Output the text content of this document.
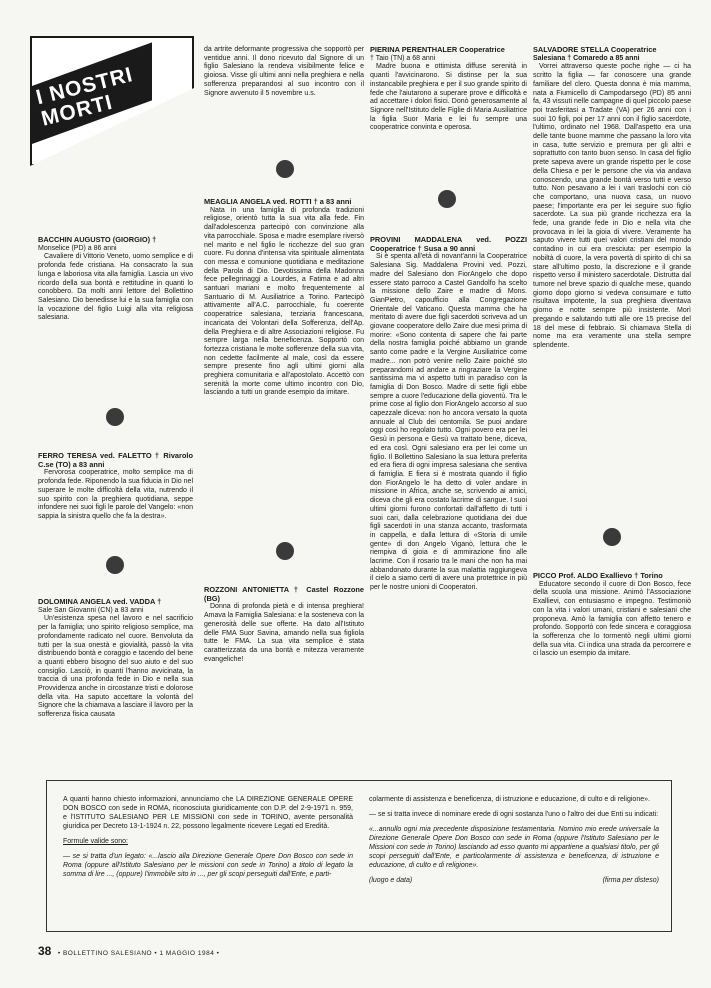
I NOSTRI MORTI

BACCHIN AUGUSTO (GIORGIO) †

Monselice (PD) a 86 anni

Cavaliere di Vittorio Veneto, uomo semplice e di profonda fede cristiana. Ha consacrato la sua lunga e laboriosa vita alla famiglia. Lascia un vivo ricordo della sua bontà e rettitudine in quanti lo conobbero. Da molti anni lettore del Bollettino Salesiano. Dio benedisse lui e la sua famiglia con la vocazione del figlio Luigi alla vita religiosa salesiana.

FERRO TERESA ved. FALETTO † Rivarolo C.se (TO) a 83 anni

Fervorosa cooperatrice, molto semplice ma di profonda fede. Riponendo la sua fiducia in Dio nel superare le molte difficoltà della vita, nutrendo il suo spirito con la preghiera quotidiana, seppe infondere nei suoi figli le parole del Vangelo: «non sappia la sinistra quello che fa la destra».

DOLOMINA ANGELA ved. VADDA †

Sale San Giovanni (CN) a 83 anni

Un'esistenza spesa nel lavoro e nel sacrificio per la famiglia; uno spirito religioso semplice, ma profondamente radicato nel cuore. Benvoluta da tutti per la sua onestà e giovialità, passò la vita distribuendo bontà e coraggio e tacendo del bene a quanti ebbero bisogno del suo aiuto e del suo consiglio. Lasciò, in quanti l'hanno avvicinata, la traccia di una profonda fede in Dio e nella sua Provvidenza anche in circostanze tristi e dolorose della vita. Ha saputo accettare la volontà del Signore che la chiamava a lasciare il lavoro per la sofferenza fisica causata

da artrite deformante progressiva che sopportò per ventidue anni. Il dono ricevuto dal Signore di un figlio Salesiano la rendeva visibilmente felice e gioiosa. Visse gli ultimi anni nella preghiera e nella sofferenza preparandosi al suo incontro con il Signore avvenuto il 5 novembre u.s.

MEAGLIA ANGELA ved. ROTTI † a 83 anni

Nata in una famiglia di profonda tradizioni religiose, orientò tutta la sua vita alla fede. Fin dall'adolescenza partecipò con convinzione alla vita parrocchiale. Sposa e madre esemplare riversò nel marito e nel figlio le ricchezze del suo gran cuore. Fu donna d'intensa vita spirituale alimentata con messa e comunione quotidiana e meditazione della Parola di Dio. Devotissima della Madonna fece pellegrinaggi a Lourdes, a Fatima e ad altri santuari mariani e molto frequentemente al Santuario di M. Ausiliatrice a Torino. Partecipò attivamente all'A.C. parrocchiale, fu coerente cooperatrice salesiana, terziaria francescana, incaricata dei Volontari della Sofferenza, dell'Ap. della Preghiera e di altre Associazioni religiose. Fu sempre larga nella beneficenza. Sopportò con fortezza cristiana le molte sofferenze della sua vita, non cedette facilmente al male, così da essere sempre presente fino agli ultimi giorni alla preghiera comunitaria e all'apostolato. Accettò con serenità la morte come ultimo incontro con Dio, lasciando a tutti un grande esempio da imitare.

ROZZONI ANTONIETTA † Castel Rozzone (BG)

Donna di profonda pietà e di intensa preghiera! Amava la Famiglia Salesiana: e la sosteneva con la generosità delle sue offerte. Ha dato all'Istituto delle FMA Suor Savina, amando nella sua figliola tutte le FMA. La sua vita semplice è stata caratterizzata da una bontà e mitezza veramente evangeliche!

PIERINA PERENTHALER Cooperatrice

† Taio (TN) a 68 anni

Madre buona e ottimista diffuse serenità in quanti l'avvicinarono. Si distinse per la sua instancabile preghiera e per il suo grande spirito di fede che l'aiutarono a superare prove e difficoltà e ad accettare i dolori fisici. Donò generosamente al Signore nell'Istituto delle Figlie di Maria Ausiliatrice la figlia Suor Maria e lei fu sempre una cooperatrice convinta e operosa.

PROVINI MADDALENA ved. POZZI Cooperatrice † Susa a 90 anni

Si è spenta all'età di novant'anni la Cooperatrice Salesiana Sig. Maddalena Provini ved. Pozzi, madre del Salesiano don FiorAngelo che dopo essere stato parroco a Castel Gandolfo ha scelto la missione dello Zaire e madre di Mons. GianPietro, capoufficio alla Congregazione Orientale del Vaticano. Questa mamma che ha meritato di avere due figli sacerdoti scriveva ad un giovane cooperatore dello Zaire due mesi prima di morire: «Sono contenta di sapere che fai parte della nostra famiglia poiché abbiamo un grande santo come padre e la Vergine Ausiliatrice come madre... non potrò venire nello Zaire poiché sto preparandomi ad andare a ringraziare la Vergine santissima ma vi aspetto tutti in paradiso con la famiglia di Don Bosco. Madre di sette figli ebbe sempre a cuore l'educazione della gioventù. Tra le prime cose al figlio don FiorAngelo accorso al suo capezzale diceva: non ho ancora versato la quota annuale al Club dei centomila. Se puoi andare oggi così ho regolato tutto. Ogni povero era per lei Gesù in persona e Gesù va trattato bene, diceva, ed era così. Ogni salesiano era per lei come un figlio. Il Bollettino Salesiano la sua lettura preferita ed era fiera di ogni impresa salesiana che sentiva di famiglia. E fiera si è mostrata quando il figlio don FiorAngelo le ha detto di voler andare in missione in Africa, anche se, scrivendo ai amici, diceva che gli era costato lacrime di sangue. I suoi ultimi giorni furono confortati dall'affetto di tutti i suoi cari, dalla celebrazione quotidiana dei due figli sacerdoti in una stanza accanto, trasformata in cappella, e dalla lettura di «Storia di umile gente» di don Angelo Viganò, lettura che le riempiva di gioia e di ammirazione fino alle lacrime. Con il rosario tra le mani che non ha mai abbandonato durante la sua malattia raggiungeva il cielo a siamo certi di avere una protettrice in più per le nostre unioni di Cooperatori.

SALVADORE STELLA Cooperatrice

Salesiana † Comaredo a 85 anni

Vorrei attraverso queste poche righe — ci ha scritto la figlia — far conoscere una grande familiare del clero. Questa donna è mia mamma, nata a Fiumicello di Campodarsego (PD) 85 anni fa, 43 vissuti nelle campagne di quel piccolo paese poi trasferitasi a Tradate (VA) per 26 anni con i suoi 10 figli, poi per 17 anni con il figlio sacerdote, l'ultimo, ordinato nel 1968. Dall'aspetto era una delle tante buone mamme che passano la loro vita in casa, tutte servizio e premura per gli altri e soprattutto con tanto buon senso. In casa del figlio prete sapeva avere un grande rispetto per le cose della Chiesa e per le persone che via via andava conoscendo, una grande bontà verso tutti e verso tutto. Non pesavano a lei i vari traslochi con ciò che comportano, una nuova casa, un nuovo paese; l'importante era per lei seguire suo figlio sacerdote. La sua più grande ricchezza era la fede, una grande fede in Dio e nella vita che provocava in lei la gioia di vivere. Veramente ha saputo vivere tutti quei valori cristiani del mondo contadino in cui era cresciuta: per esempio la nobiltà di cuore, la vera povertà di spirito di chi sa stare all'ultimo posto, la discrezione e il grande rispetto verso il ministero sacerdotale. Distrutta dal tumore nel breve spazio di qualche mese, quando giorno dopo giorno si vedeva consumare e tutto risultava impotente, la sua preghiera diventava giorno e notte sempre più insistente. Morì pregando e salutando tutti alle ore 15 precise del 18 del mese di febbraio. Si chiamava Stella di nome ma era veramente una stella sempre splendente.

PICCO Prof. ALDO Exallievo † Torino

Educatore secondo il cuore di Don Bosco, fece della scuola una missione. Animò l'Associazione Exallievi, con entusiasmo e impegno. Testimoniò con la vita i valori umani, cristiani e salesiani che proponeva. Amò la famiglia con affetto tenero e profondo. Sopportò con fede sincera e coraggiosa la sofferenza che lo tormentò negli ultimi giorni della sua vita. Ci indica una strada da percorrere e ci lascio un esempio da imitare.

A quanti hanno chiesto informazioni, annunciamo che LA DIREZIONE GENERALE OPERE DON BOSCO con sede in ROMA, riconosciuta giuridicamente con D.P. del 2-9-1971 n. 959, e l'ISTITUTO SALESIANO PER LE MISSIONI con sede in TORINO, avente personalità giuridica per Decreto 13-1-1924 n. 22, possono legalmente ricevere Legati ed Eredità.

Formule valide sono:

— se si tratta d'un legato: «...lascio alla Direzione Generale Opere Don Bosco con sede in Roma (oppure all'Istituto Salesiano per le missioni con sede in Torino) a titolo di legato la somma di lire ..., (oppure) l'immobile sito in ..., per gli scopi perseguiti dall'Ente, e parti-

colarmente di assistenza e beneficenza, di istruzione e educazione, di culto e di religione».

— se si tratta invece di nominare erede di ogni sostanza l'uno o l'altro dei due Enti su indicati:

«...annullo ogni mia precedente disposizione testamentaria. Nomino mio erede universale la Direzione Generale Opere Don Bosco con sede in Roma (oppure l'Istituto Salesiano per le Missioni con sede in Torino) lasciando ad esso quanto mi appartiene a qualsiasi titolo, per gli scopi perseguiti dall'Ente, e particolarmente di assistenza e beneficenza, di istruzione e educazione, di culto e di religione».

(luogo e data)	(firma per disteso)

38 • BOLLETTINO SALESIANO • 1 MAGGIO 1984 •
